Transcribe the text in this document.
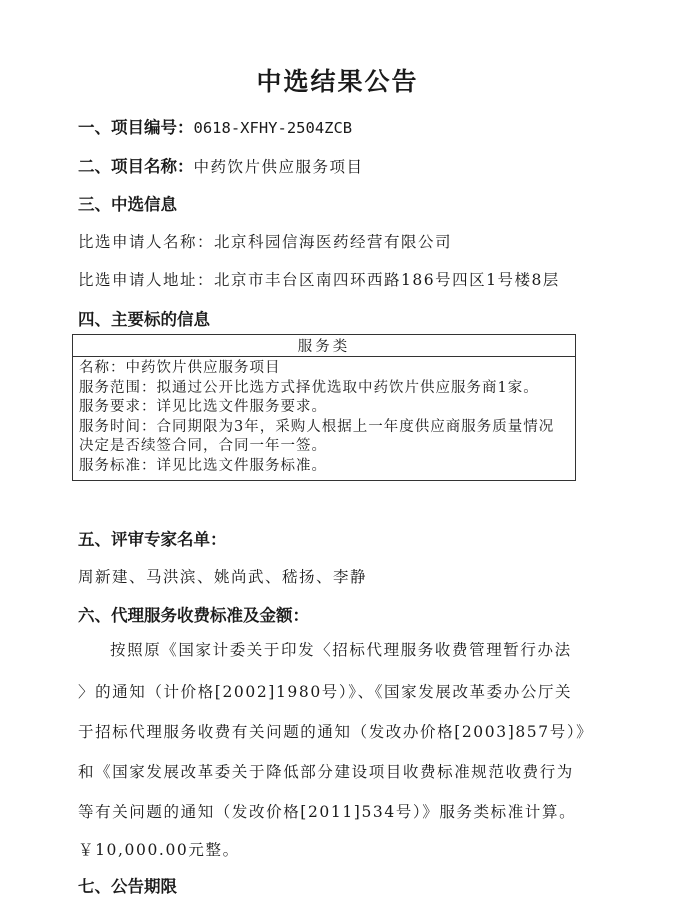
中选结果公告
一、项目编号：0618-XFHY-2504ZCB
二、项目名称：中药饮片供应服务项目
三、中选信息
比选申请人名称：北京科园信海医药经营有限公司
比选申请人地址：北京市丰台区南四环西路186号四区1号楼8层
四、主要标的信息
服务类

名称：中药饮片供应服务项目
服务范围：拟通过公开比选方式择优选取中药饮片供应服务商1家。
服务要求：详见比选文件服务要求。
服务时间：合同期限为3年，采购人根据上一年度供应商服务质量情况决定是否续签合同，合同一年一签。
服务标准：详见比选文件服务标准。
五、评审专家名单：
周新建、马洪滨、姚尚武、嵇扬、李静
六、代理服务收费标准及金额：
按照原《国家计委关于印发〈招标代理服务收费管理暂行办法
〉的通知（计价格[2002]1980号）》、《国家发展改革委办公厅关
于招标代理服务收费有关问题的通知（发改办价格[2003]857号）》
和《国家发展改革委关于降低部分建设项目收费标准规范收费行为
等有关问题的通知（发改价格[2011]534号）》服务类标准计算。
￥10,000.00元整。
七、公告期限
